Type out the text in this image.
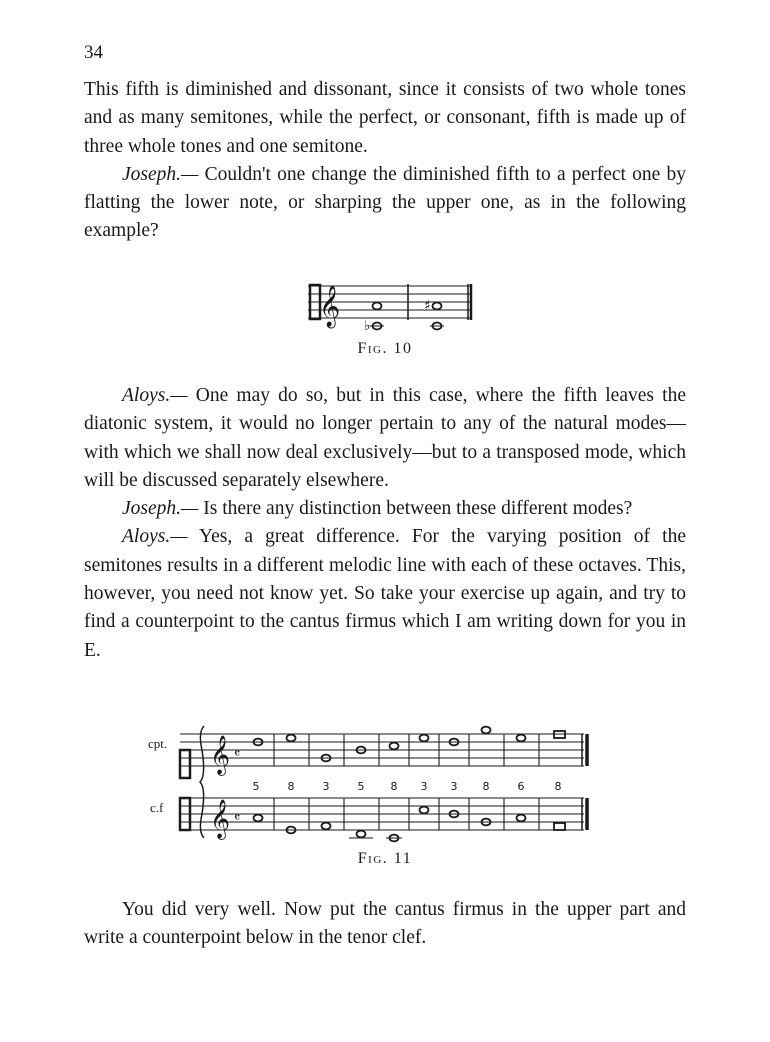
34

This fifth is diminished and dissonant, since it consists of two whole tones and as many semitones, while the perfect, or consonant, fifth is made up of three whole tones and one semitone.

Joseph.— Couldn't one change the diminished fifth to a perfect one by flatting the lower note, or sharping the upper one, as in the following example?

𝄞 ♭
♯
Fig. 10

Aloys.— One may do so, but in this case, where the fifth leaves the diatonic system, it would no longer pertain to any of the natural modes—with which we shall now deal exclusively—but to a transposed mode, which will be discussed separately elsewhere.

Joseph.— Is there any distinction between these different modes?

Aloys.— Yes, a great difference. For the varying position of the semitones results in a different melodic line with each of these octaves. This, however, you need not know yet. So take your exercise up again, and try to find a counterpoint to the cantus firmus which I am writing down for you in E.

cpt.
c.f
𝄞
𝄞
𝄴
𝄴
5	8	3	5 8 3 3 8	6	8
Fig. 11

You did very well. Now put the cantus firmus in the upper part and write a counterpoint below in the tenor clef.
